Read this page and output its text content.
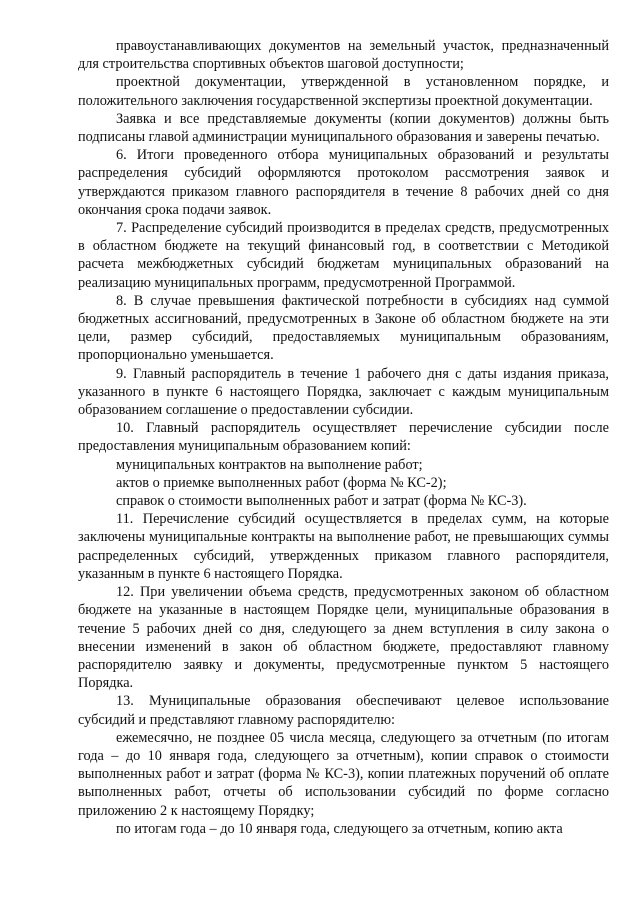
правоустанавливающих документов на земельный участок, предназначенный для строительства спортивных объектов шаговой доступности;

проектной документации, утвержденной в установленном порядке, и положительного заключения государственной экспертизы проектной документации.

Заявка и все представляемые документы (копии документов) должны быть подписаны главой администрации муниципального образования и заверены печатью.

6. Итоги проведенного отбора муниципальных образований и результаты распределения субсидий оформляются протоколом рассмотрения заявок и утверждаются приказом главного распорядителя в течение 8 рабочих дней со дня окончания срока подачи заявок.

7. Распределение субсидий производится в пределах средств, предусмотренных в областном бюджете на текущий финансовый год, в соответствии с Методикой расчета межбюджетных субсидий бюджетам муниципальных образований на реализацию муниципальных программ, предусмотренной Программой.

8. В случае превышения фактической потребности в субсидиях над суммой бюджетных ассигнований, предусмотренных в Законе об областном бюджете на эти цели, размер субсидий, предоставляемых муниципальным образованиям, пропорционально уменьшается.

9. Главный распорядитель в течение 1 рабочего дня с даты издания приказа, указанного в пункте 6 настоящего Порядка, заключает с каждым муниципальным образованием соглашение о предоставлении субсидии.

10. Главный распорядитель осуществляет перечисление субсидии после предоставления муниципальным образованием копий:

муниципальных контрактов на выполнение работ;

актов о приемке выполненных работ (форма № КС-2);

справок о стоимости выполненных работ и затрат (форма № КС-3).

11. Перечисление субсидий осуществляется в пределах сумм, на которые заключены муниципальные контракты на выполнение работ, не превышающих суммы распределенных субсидий, утвержденных приказом главного распорядителя, указанным в пункте 6 настоящего Порядка.

12. При увеличении объема средств, предусмотренных законом об областном бюджете на указанные в настоящем Порядке цели, муниципальные образования в течение 5 рабочих дней со дня, следующего за днем вступления в силу закона о внесении изменений в закон об областном бюджете, предоставляют главному распорядителю заявку и документы, предусмотренные пунктом 5 настоящего Порядка.

13. Муниципальные образования обеспечивают целевое использование субсидий и представляют главному распорядителю:

ежемесячно, не позднее 05 числа месяца, следующего за отчетным (по итогам года – до 10 января года, следующего за отчетным), копии справок о стоимости выполненных работ и затрат (форма № КС-3), копии платежных поручений об оплате выполненных работ, отчеты об использовании субсидий по форме согласно приложению 2 к настоящему Порядку;

по итогам года – до 10 января года, следующего за отчетным, копию акта
